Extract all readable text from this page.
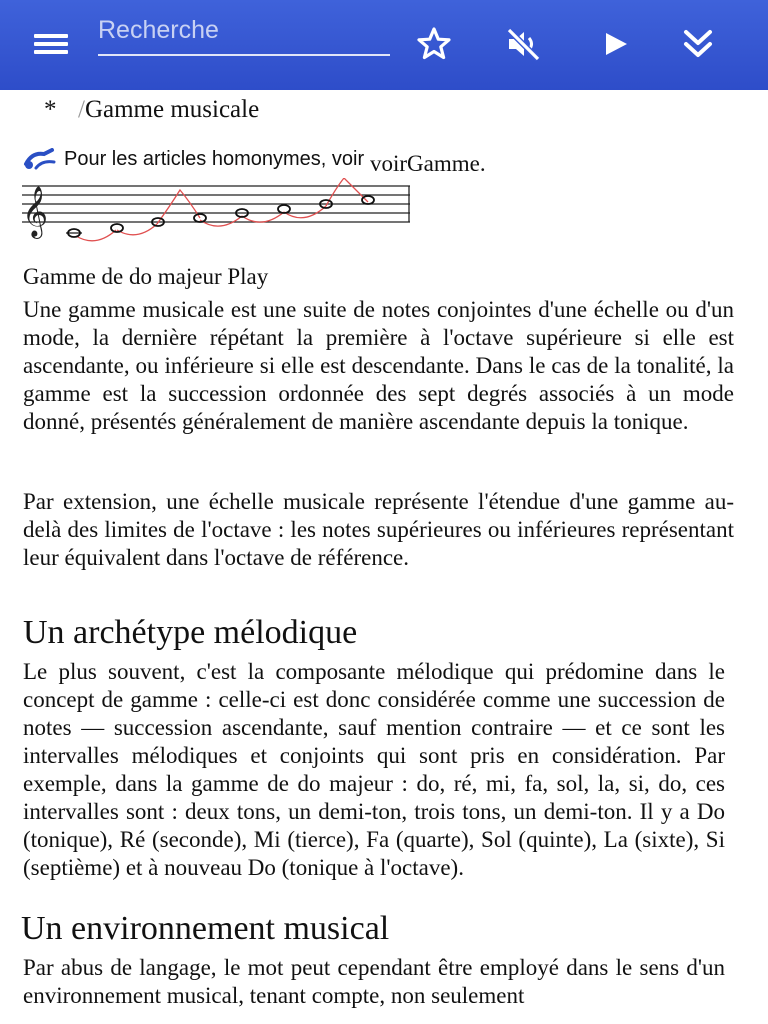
Recherche
* /Gamme musicale
Pour les articles homonymes, voir voirGamme.
𝄞
Gamme de do majeur Play

Une gamme musicale est une suite de notes conjointes d'une échelle ou d'un mode, la dernière répétant la première à l'octave supérieure si elle est ascendante, ou inférieure si elle est descendante. Dans le cas de la tonalité, la gamme est la succession ordonnée des sept degrés associés à un mode donné, présentés généralement de manière ascendante depuis la tonique.

Par extension, une échelle musicale représente l'étendue d'une gamme au-delà des limites de l'octave : les notes supérieures ou inférieures représentant leur équivalent dans l'octave de référence.

Un archétype mélodique

Le plus souvent, c'est la composante mélodique qui prédomine dans le concept de gamme : celle-ci est donc considérée comme une succession de notes — succession ascendante, sauf mention contraire — et ce sont les intervalles mélodiques et conjoints qui sont pris en considération. Par exemple, dans la gamme de do majeur : do, ré, mi, fa, sol, la, si, do, ces intervalles sont : deux tons, un demi-ton, trois tons, un demi-ton. Il y a Do (tonique), Ré (seconde), Mi (tierce), Fa (quarte), Sol (quinte), La (sixte), Si (septième) et à nouveau Do (tonique à l'octave).

Un environnement musical

Par abus de langage, le mot peut cependant être employé dans le sens d'un environnement musical, tenant compte, non seulement
